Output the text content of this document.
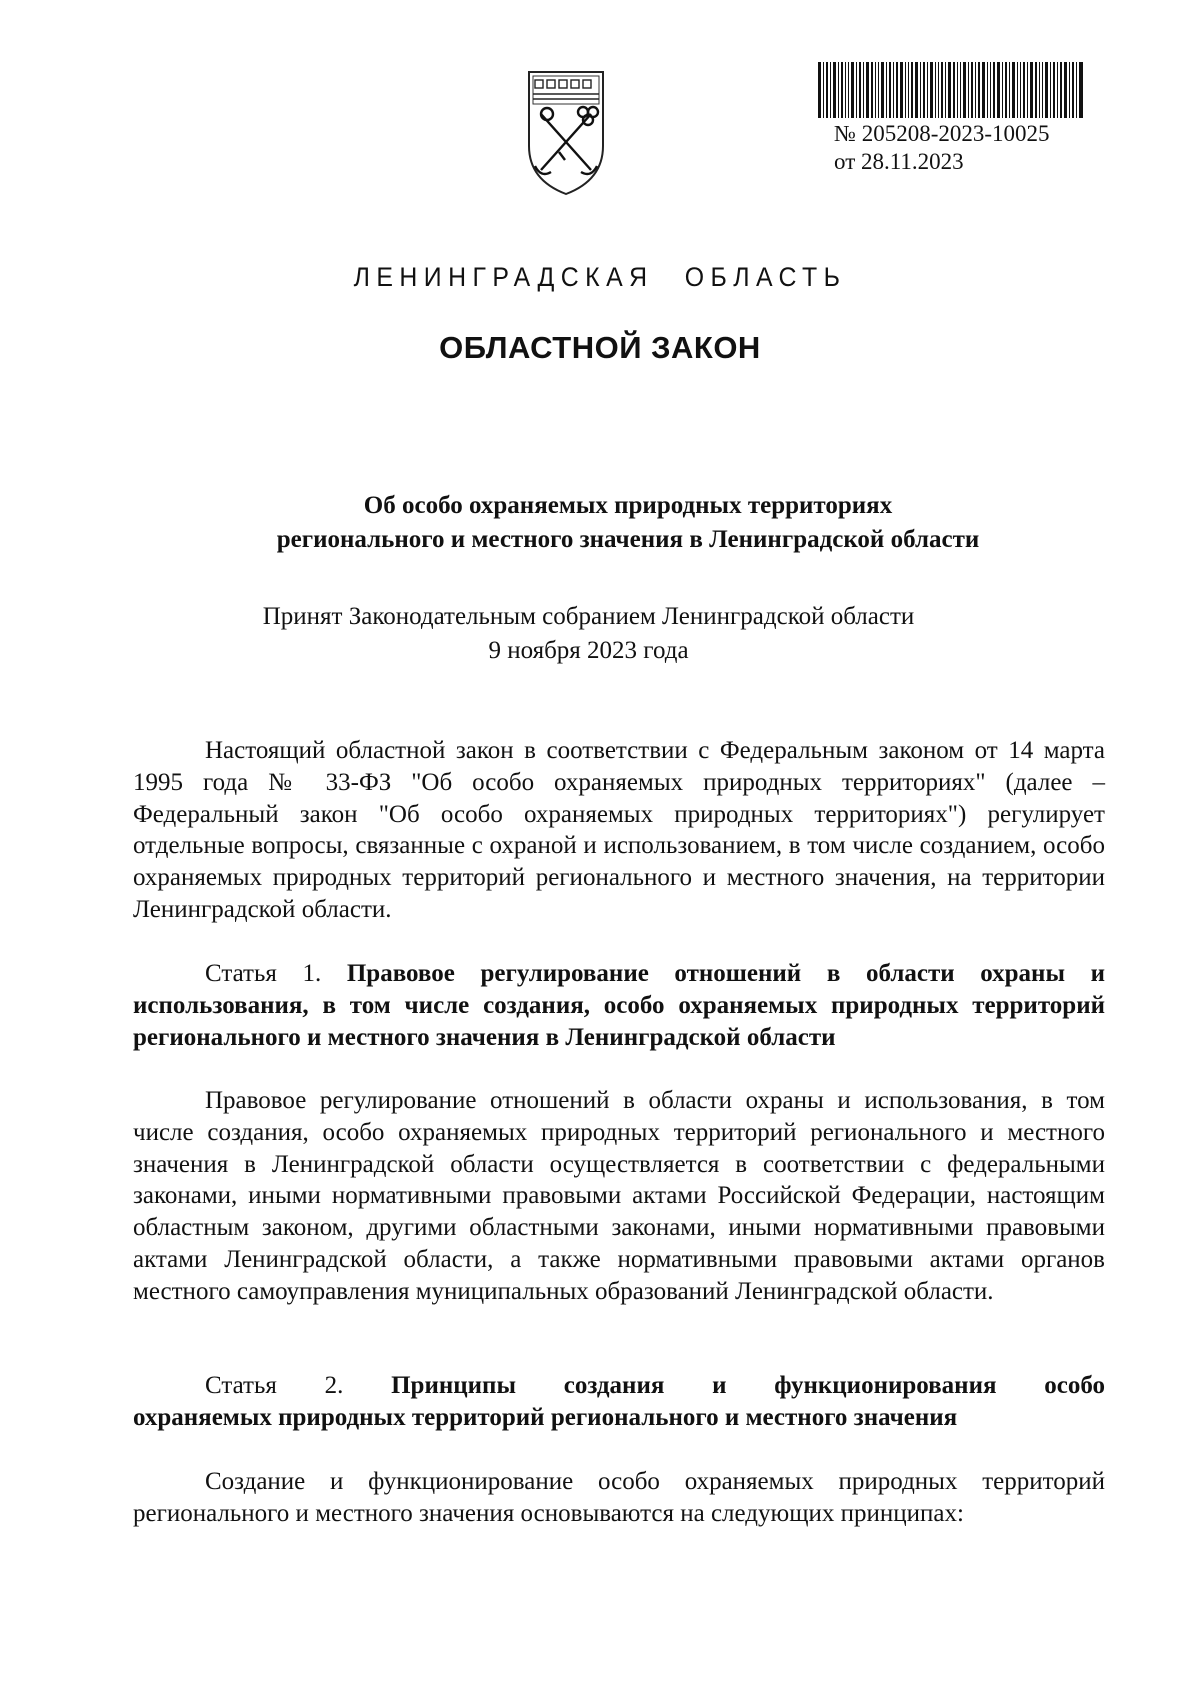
№ 205208-2023-10025
от 28.11.2023
ЛЕНИНГРАДСКАЯ ОБЛАСТЬ
ОБЛАСТНОЙ ЗАКОН
Об особо охраняемых природных территориях
регионального и местного значения в Ленинградской области
Принят Законодательным собранием Ленинградской области
9 ноября 2023 года
Настоящий областной закон в соответствии с Федеральным законом от 14 марта 1995 года № 33-ФЗ "Об особо охраняемых природных территориях" (далее – Федеральный закон "Об особо охраняемых природных территориях") регулирует отдельные вопросы, связанные с охраной и использованием, в том числе созданием, особо охраняемых природных территорий регионального и местного значения, на территории Ленинградской области.
Статья 1. Правовое регулирование отношений в области охраны и использования, в том числе создания, особо охраняемых природных территорий регионального и местного значения в Ленинградской области
Правовое регулирование отношений в области охраны и использования, в том числе создания, особо охраняемых природных территорий регионального и местного значения в Ленинградской области осуществляется в соответствии с федеральными законами, иными нормативными правовыми актами Российской Федерации, настоящим областным законом, другими областными законами, иными нормативными правовыми актами Ленинградской области, а также нормативными правовыми актами органов местного самоуправления муниципальных образований Ленинградской области.
Статья 2. Принципы создания и функционирования особо
охраняемых природных территорий регионального и местного значения
Создание и функционирование особо охраняемых природных территорий регионального и местного значения основываются на следующих принципах:
